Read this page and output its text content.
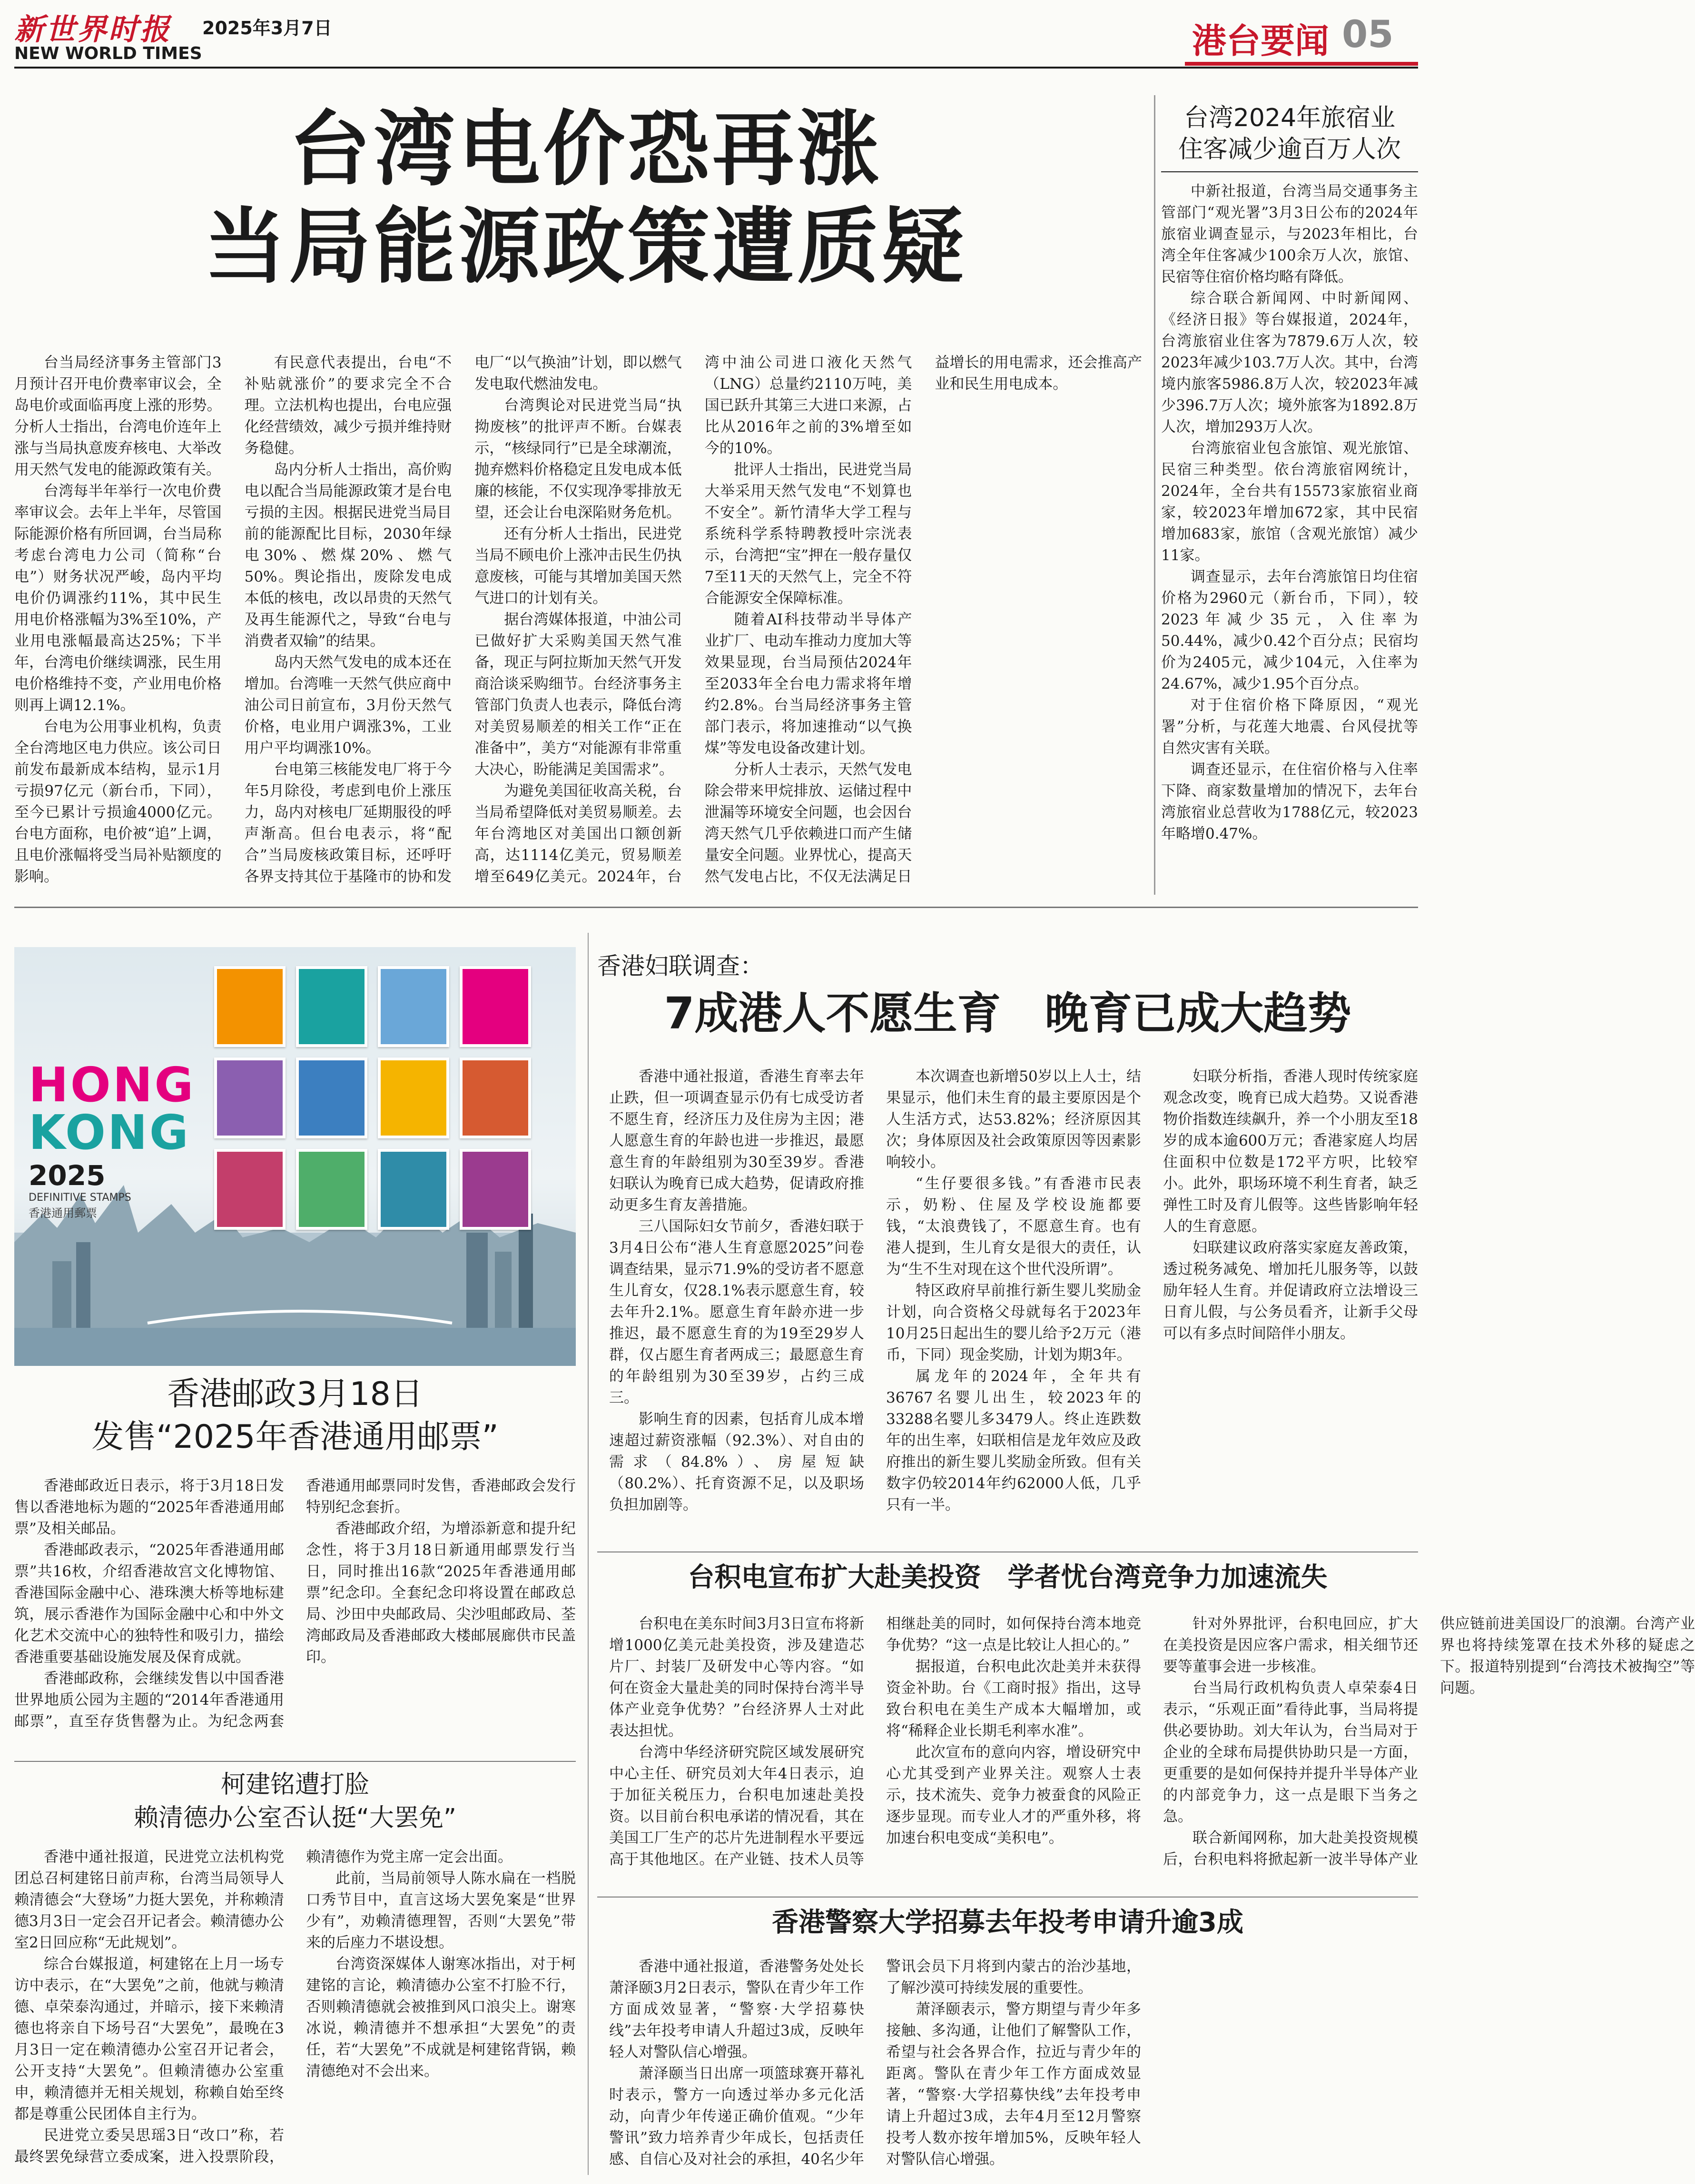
新世界时报 2025年3月7日
NEW WORLD TIMES	港台要闻 05
台湾电价恐再涨
当局能源政策遭质疑

台当局经济事务主管部门3月预计召开电价费率审议会，全岛电价或面临再度上涨的形势。分析人士指出，台湾电价连年上涨与当局执意废弃核电、大举改用天然气发电的能源政策有关。

台湾每半年举行一次电价费率审议会。去年上半年，尽管国际能源价格有所回调，台当局称考虑台湾电力公司（简称“台电”）财务状况严峻，岛内平均电价仍调涨约11%，其中民生用电价格涨幅为3%至10%，产业用电涨幅最高达25%；下半年，台湾电价继续调涨，民生用电价格维持不变，产业用电价格则再上调12.1%。

台电为公用事业机构，负责全台湾地区电力供应。该公司日前发布最新成本结构，显示1月亏损97亿元（新台币，下同），至今已累计亏损逾4000亿元。台电方面称，电价被“追”上调，且电价涨幅将受当局补贴额度的影响。

有民意代表提出，台电“不补贴就涨价”的要求完全不合理。立法机构也提出，台电应强化经营绩效，减少亏损并维持财务稳健。

岛内分析人士指出，高价购电以配合当局能源政策才是台电亏损的主因。根据民进党当局目前的能源配比目标，2030年绿电30%、燃煤20%、燃气50%。舆论指出，废除发电成本低的核电，改以昂贵的天然气及再生能源代之，导致“台电与消费者双输”的结果。

岛内天然气发电的成本还在增加。台湾唯一天然气供应商中油公司日前宣布，3月份天然气价格，电业用户调涨3%，工业用户平均调涨10%。

台电第三核能发电厂将于今年5月除役，考虑到电价上涨压力，岛内对核电厂延期服役的呼声渐高。但台电表示，将“配合”当局废核政策目标，还呼吁各界支持其位于基隆市的协和发电厂“以气换油”计划，即以燃气发电取代燃油发电。

台湾舆论对民进党当局“执拗废核”的批评声不断。台媒表示，“核绿同行”已是全球潮流，抛弃燃料价格稳定且发电成本低廉的核能，不仅实现净零排放无望，还会让台电深陷财务危机。

还有分析人士指出，民进党当局不顾电价上涨冲击民生仍执意废核，可能与其增加美国天然气进口的计划有关。

据台湾媒体报道，中油公司已做好扩大采购美国天然气准备，现正与阿拉斯加天然气开发商洽谈采购细节。台经济事务主管部门负责人也表示，降低台湾对美贸易顺差的相关工作“正在准备中”，美方“对能源有非常重大决心，盼能满足美国需求”。

为避免美国征收高关税，台当局希望降低对美贸易顺差。去年台湾地区对美国出口额创新高，达1114亿美元，贸易顺差增至649亿美元。2024年，台湾中油公司进口液化天然气（LNG）总量约2110万吨，美国已跃升其第三大进口来源，占比从2016年之前的3%增至如今的10%。

批评人士指出，民进党当局大举采用天然气发电“不划算也不安全”。新竹清华大学工程与系统科学系特聘教授叶宗洸表示，台湾把“宝”押在一般存量仅7至11天的天然气上，完全不符合能源安全保障标准。

随着AI科技带动半导体产业扩厂、电动车推动力度加大等效果显现，台当局预估2024年至2033年全台电力需求将年增约2.8%。台当局经济事务主管部门表示，将加速推动“以气换煤”等发电设备改建计划。

分析人士表示，天然气发电除会带来甲烷排放、运储过程中泄漏等环境安全问题，也会因台湾天然气几乎依赖进口而产生储量安全问题。业界忧心，提高天然气发电占比，不仅无法满足日益增长的用电需求，还会推高产业和民生用电成本。

台湾2024年旅宿业
住客减少逾百万人次

中新社报道，台湾当局交通事务主管部门“观光署”3月3日公布的2024年旅宿业调查显示，与2023年相比，台湾全年住客减少100余万人次，旅馆、民宿等住宿价格均略有降低。

综合联合新闻网、中时新闻网、《经济日报》等台媒报道，2024年，台湾旅宿业住客为7879.6万人次，较2023年减少103.7万人次。其中，台湾境内旅客5986.8万人次，较2023年减少396.7万人次；境外旅客为1892.8万人次，增加293万人次。

台湾旅宿业包含旅馆、观光旅馆、民宿三种类型。依台湾旅宿网统计，2024年，全台共有15573家旅宿业商家，较2023年增加672家，其中民宿增加683家，旅馆（含观光旅馆）减少11家。

调查显示，去年台湾旅馆日均住宿价格为2960元（新台币，下同），较2023年减少35元，入住率为50.44%，减少0.42个百分点；民宿均价为2405元，减少104元，入住率为24.67%，减少1.95个百分点。

对于住宿价格下降原因，“观光署”分析，与花莲大地震、台风侵扰等自然灾害有关联。

调查还显示，在住宿价格与入住率下降、商家数量增加的情况下，去年台湾旅宿业总营收为1788亿元，较2023年略增0.47%。

HONG
KONG
2025
DEFINITIVE STAMPS
香港通用郵票
香港邮政3月18日
发售“2025年香港通用邮票”

香港邮政近日表示，将于3月18日发售以香港地标为题的“2025年香港通用邮票”及相关邮品。

香港邮政表示，“2025年香港通用邮票”共16枚，介绍香港故宫文化博物馆、香港国际金融中心、港珠澳大桥等地标建筑，展示香港作为国际金融中心和中外文化艺术交流中心的独特性和吸引力，描绘香港重要基础设施发展及保育成就。

香港邮政称，会继续发售以中国香港世界地质公园为主题的“2014年香港通用邮票”，直至存货售罄为止。为纪念两套香港通用邮票同时发售，香港邮政会发行特别纪念套折。

香港邮政介绍，为增添新意和提升纪念性，将于3月18日新通用邮票发行当日，同时推出16款“2025年香港通用邮票”纪念印。全套纪念印将设置在邮政总局、沙田中央邮政局、尖沙咀邮政局、荃湾邮政局及香港邮政大楼邮展廊供市民盖印。

柯建铭遭打脸
赖清德办公室否认挺“大罢免”

香港中通社报道，民进党立法机构党团总召柯建铭日前声称，台湾当局领导人赖清德会“大登场”力挺大罢免，并称赖清德3月3日一定会召开记者会。赖清德办公室2日回应称“无此规划”。

综合台媒报道，柯建铭在上月一场专访中表示，在“大罢免”之前，他就与赖清德、卓荣泰沟通过，并暗示，接下来赖清德也将亲自下场号召“大罢免”，最晚在3月3日一定在赖清德办公室召开记者会，公开支持“大罢免”。但赖清德办公室重申，赖清德并无相关规划，称赖自始至终都是尊重公民团体自主行为。

民进党立委吴思瑶3日“改口”称，若最终罢免绿营立委成案，进入投票阶段，赖清德作为党主席一定会出面。

此前，当局前领导人陈水扁在一档脱口秀节目中，直言这场大罢免案是“世界少有”，劝赖清德理智，否则“大罢免”带来的后座力不堪设想。

台湾资深媒体人谢寒冰指出，对于柯建铭的言论，赖清德办公室不打脸不行，否则赖清德就会被推到风口浪尖上。谢寒冰说，赖清德并不想承担“大罢免”的责任，若“大罢免”不成就是柯建铭背锅，赖清德绝对不会出来。

香港妇联调查：
7成港人不愿生育　晚育已成大趋势

香港中通社报道，香港生育率去年止跌，但一项调查显示仍有七成受访者不愿生育，经济压力及住房为主因；港人愿意生育的年龄也进一步推迟，最愿意生育的年龄组别为30至39岁。香港妇联认为晚育已成大趋势，促请政府推动更多生育友善措施。

三八国际妇女节前夕，香港妇联于3月4日公布“港人生育意愿2025”问卷调查结果，显示71.9%的受访者不愿意生儿育女，仅28.1%表示愿意生育，较去年升2.1%。愿意生育年龄亦进一步推迟，最不愿意生育的为19至29岁人群，仅占愿生育者两成三；最愿意生育的年龄组别为30至39岁，占约三成三。

影响生育的因素，包括育儿成本增速超过薪资涨幅（92.3%）、对自由的需求（84.8%）、房屋短缺（80.2%）、托育资源不足，以及职场负担加剧等。

本次调查也新增50岁以上人士，结果显示，他们未生育的最主要原因是个人生活方式，达53.82%；经济原因其次；身体原因及社会政策原因等因素影响较小。

“生仔要很多钱。”有香港市民表示，奶粉、住屋及学校设施都要钱，“太浪费钱了，不愿意生育。也有港人提到，生儿育女是很大的责任，认为“生不生对现在这个世代没所谓”。

特区政府早前推行新生婴儿奖励金计划，向合资格父母就每名于2023年10月25日起出生的婴儿给予2万元（港币，下同）现金奖励，计划为期3年。

属龙年的2024年，全年共有36767名婴儿出生，较2023年的33288名婴儿多3479人。终止连跌数年的出生率，妇联相信是龙年效应及政府推出的新生婴儿奖励金所致。但有关数字仍较2014年约62000人低，几乎只有一半。

妇联分析指，香港人现时传统家庭观念改变，晚育已成大趋势。又说香港物价指数连续飙升，养一个小朋友至18岁的成本逾600万元；香港家庭人均居住面积中位数是172平方呎，比较窄小。此外，职场环境不利生育者，缺乏弹性工时及育儿假等。这些皆影响年轻人的生育意愿。

妇联建议政府落实家庭友善政策，透过税务减免、增加托儿服务等，以鼓励年轻人生育。并促请政府立法增设三日育儿假，与公务员看齐，让新手父母可以有多点时间陪伴小朋友。

台积电宣布扩大赴美投资　学者忧台湾竞争力加速流失

台积电在美东时间3月3日宣布将新增1000亿美元赴美投资，涉及建造芯片厂、封装厂及研发中心等内容。“如何在资金大量赴美的同时保持台湾半导体产业竞争优势？”台经济界人士对此表达担忧。

台湾中华经济研究院区域发展研究中心主任、研究员刘大年4日表示，迫于加征关税压力，台积电加速赴美投资。以目前台积电承诺的情况看，其在美国工厂生产的芯片先进制程水平要远高于其他地区。在产业链、技术人员等相继赴美的同时，如何保持台湾本地竞争优势？“这一点是比较让人担心的。”

据报道，台积电此次赴美并未获得资金补助。台《工商时报》指出，这导致台积电在美生产成本大幅增加，或将“稀释企业长期毛利率水准”。

此次宣布的意向内容，增设研究中心尤其受到产业界关注。观察人士表示，技术流失、竞争力被蚕食的风险正逐步显现。而专业人才的严重外移，将加速台积电变成“美积电”。

针对外界批评，台积电回应，扩大在美投资是因应客户需求，相关细节还要等董事会进一步核准。

台当局行政机构负责人卓荣泰4日表示，“乐观正面”看待此事，当局将提供必要协助。刘大年认为，台当局对于企业的全球布局提供协助只是一方面，更重要的是如何保持并提升半导体产业的内部竞争力，这一点是眼下当务之急。

联合新闻网称，加大赴美投资规模后，台积电料将掀起新一波半导体产业供应链前进美国设厂的浪潮。台湾产业界也将持续笼罩在技术外移的疑虑之下。报道特别提到“台湾技术被掏空”等问题。

香港警察大学招募去年投考申请升逾3成

香港中通社报道，香港警务处处长萧泽颐3月2日表示，警队在青少年工作方面成效显著，“警察·大学招募快线”去年投考申请人升超过3成，反映年轻人对警队信心增强。

萧泽颐当日出席一项篮球赛开幕礼时表示，警方一向透过举办多元化活动，向青少年传递正确价值观。“少年警讯”致力培养青少年成长，包括责任感、自信心及对社会的承担，40名少年警讯会员下月将到内蒙古的治沙基地，了解沙漠可持续发展的重要性。

萧泽颐表示，警方期望与青少年多接触、多沟通，让他们了解警队工作，希望与社会各界合作，拉近与青少年的距离。警队在青少年工作方面成效显著，“警察·大学招募快线”去年投考申请上升超过3成，去年4月至12月警察投考人数亦按年增加5%，反映年轻人对警队信心增强。
